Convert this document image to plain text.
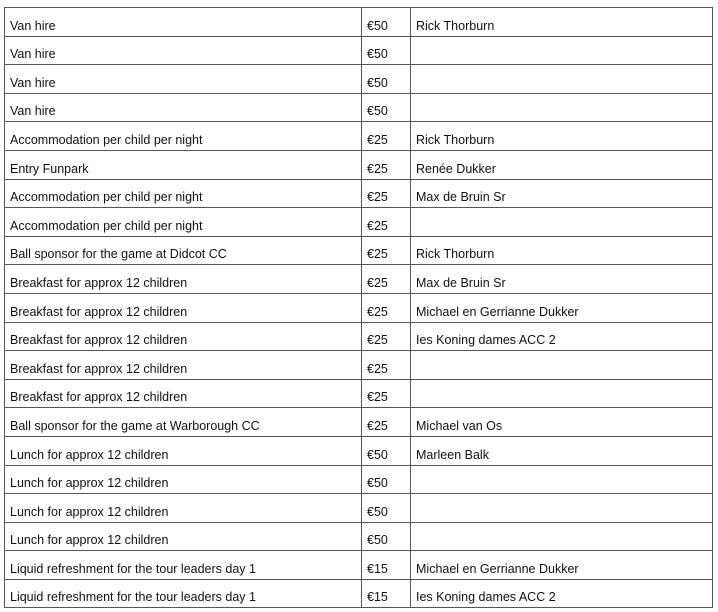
Van hire	€50	Rick Thorburn
Van hire	€50	
Van hire	€50	
Van hire	€50	
Accommodation per child per night	€25	Rick Thorburn
Entry Funpark	€25	Renée Dukker
Accommodation per child per night	€25	Max de Bruin Sr
Accommodation per child per night	€25	
Ball sponsor for the game at Didcot CC	€25	Rick Thorburn
Breakfast for approx 12 children	€25	Max de Bruin Sr
Breakfast for approx 12 children	€25	Michael en Gerrianne Dukker
Breakfast for approx 12 children	€25	Ies Koning dames ACC 2
Breakfast for approx 12 children	€25	
Breakfast for approx 12 children	€25	
Ball sponsor for the game at Warborough CC	€25	Michael van Os
Lunch for approx 12 children	€50	Marleen Balk
Lunch for approx 12 children	€50	
Lunch for approx 12 children	€50	
Lunch for approx 12 children	€50	
Liquid refreshment for the tour leaders day 1	€15	Michael en Gerrianne Dukker
Liquid refreshment for the tour leaders day 1	€15	Ies Koning dames ACC 2
